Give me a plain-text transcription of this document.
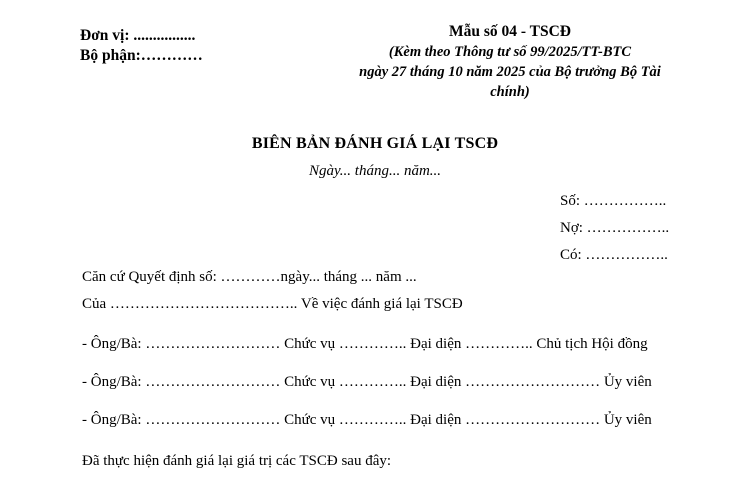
Đơn vị: ................
Bộ phận:…………
Mẫu số 04 - TSCĐ
(Kèm theo Thông tư số 99/2025/TT-BTC
ngày 27 tháng 10 năm 2025 của Bộ trưởng Bộ Tài
chính)
BIÊN BẢN ĐÁNH GIÁ LẠI TSCĐ
Ngày... tháng... năm...
Số: ……………..
Nợ: ……………..
Có: ……………..
Căn cứ Quyết định số: …………ngày... tháng ... năm ...
Của ……………………………….. Về việc đánh giá lại TSCĐ
- Ông/Bà: ……………………… Chức vụ ………….. Đại diện ………….. Chủ tịch Hội đồng
- Ông/Bà: ……………………… Chức vụ ………….. Đại diện ……………………… Ủy viên
- Ông/Bà: ……………………… Chức vụ ………….. Đại diện ……………………… Ủy viên
Đã thực hiện đánh giá lại giá trị các TSCĐ sau đây:
